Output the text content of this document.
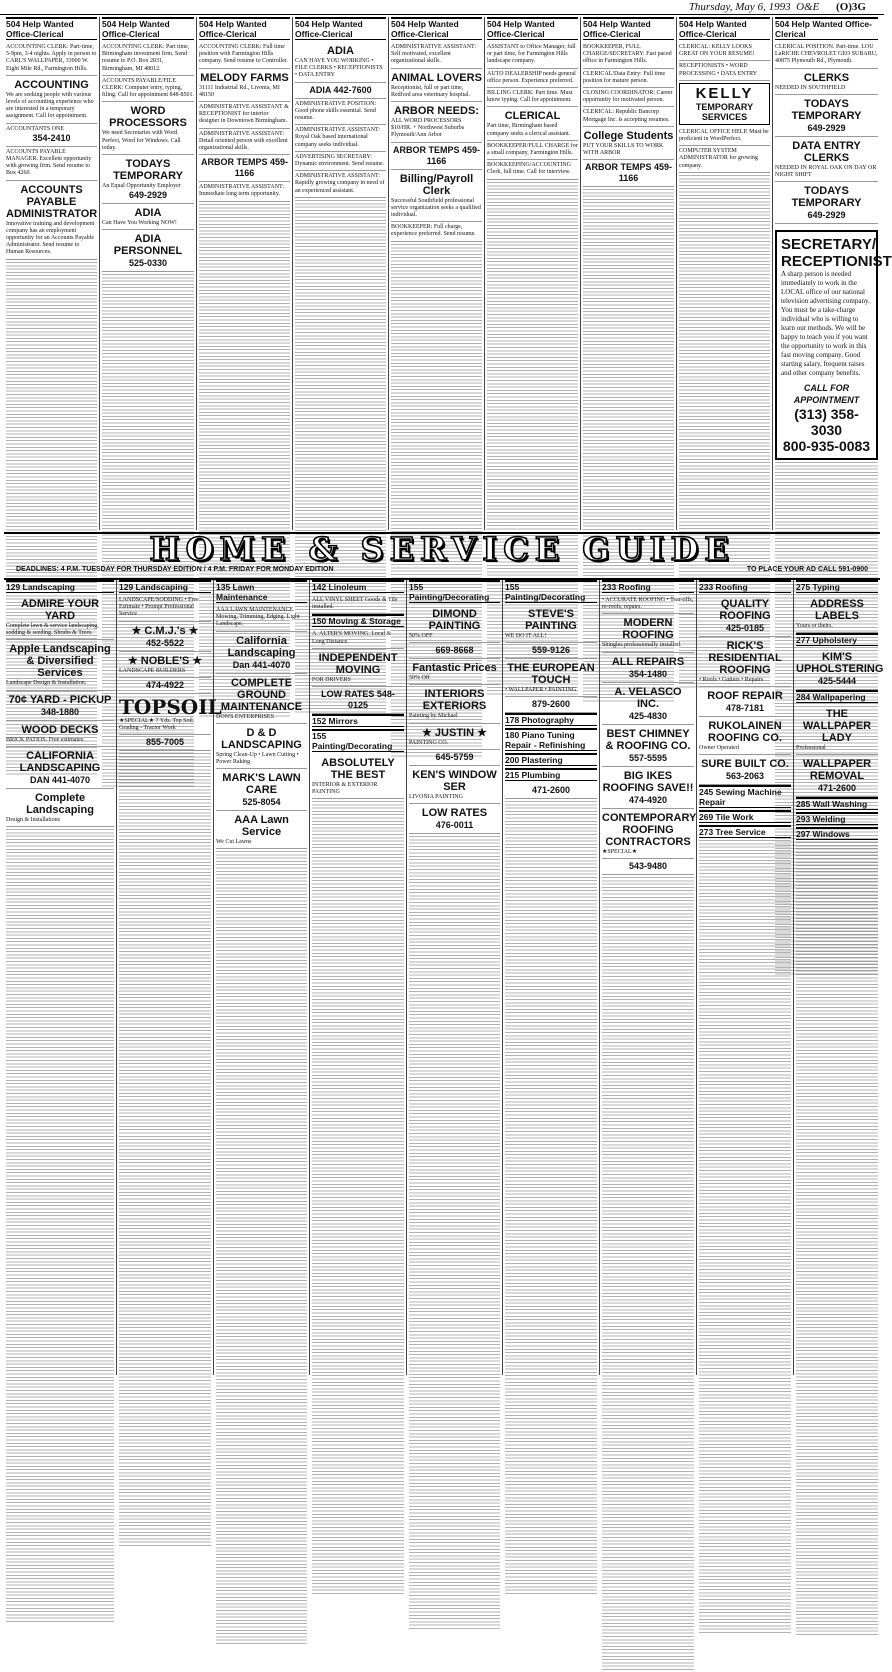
Thursday, May 6, 1993 O&E (O)3G
504 Help Wanted Office-Clerical
ACCOUNTING CLERK: Part-time, 5-9pm, 3-4 nights. Apply in person to CARL'S WALLPAPER, 33900 W. Eight Mile Rd., Farmington Hills.
ACCOUNTING
We are seeking people with various levels of accounting experience who are interested in a temporary assignment. Call for appointment.
ACCOUNTANTS ONE
354-2410
ACCOUNTS PAYABLE MANAGER. Excellent opportunity with growing firm. Send resume to Box 4260.
ACCOUNTS PAYABLE ADMINISTRATOR
Innovative training and development company has an employment opportunity for an Accounts Payable Administrator. Send resume to Human Resources.
504 Help Wanted Office-Clerical
ACCOUNTING CLERK: Part time, Birmingham investment firm. Send resume to P.O. Box 2031, Birmingham, MI 48012.
ACCOUNTS PAYABLE/FILE CLERK: Computer entry, typing, filing. Call for appointment 848-8501.
WORD PROCESSORS
We need Secretaries with Word Perfect, Word for Windows. Call today.
TODAYS TEMPORARY
An Equal Opportunity Employer
649-2929
ADIA
Can Have You Working NOW!
ADIA PERSONNEL
525-0330
504 Help Wanted Office-Clerical
ACCOUNTING CLERK: Full time position with Farmington Hills company. Send resume to Controller.
MELODY FARMS
31111 Industrial Rd., Livonia, MI 48150
ADMINISTRATIVE ASSISTANT & RECEPTIONIST for interior designer in Downtown Birmingham.
ADMINISTRATIVE ASSISTANT: Detail oriented person with excellent organizational skills.
ARBOR TEMPS 459-1166
ADMINISTRATIVE ASSISTANT: Immediate long term opportunity.
504 Help Wanted Office-Clerical
ADIA
CAN HAVE YOU WORKING • FILE CLERKS • RECEPTIONISTS • DATA ENTRY
ADIA 442-7600
ADMINISTRATIVE POSITION: Good phone skills essential. Send resume.
ADMINISTRATIVE ASSISTANT: Royal Oak based international company seeks individual.
ADVERTISING SECRETARY: Dynamic environment. Send resume.
ADMINISTRATIVE ASSISTANT: Rapidly growing company in need of an experienced assistant.
504 Help Wanted Office-Clerical
ADMINISTRATIVE ASSISTANT: Self motivated, excellent organizational skills.
ANIMAL LOVERS
Receptionist, full or part time, Redford area veterinary hospital.
ARBOR NEEDS:
ALL WORD PROCESSORS $10/HR. + Northwest Suburbs Plymouth/Ann Arbor
ARBOR TEMPS 459-1166
Billing/Payroll Clerk
Successful Southfield professional service organization seeks a qualified individual.
BOOKKEEPER: Full charge, experience preferred. Send resume.
504 Help Wanted Office-Clerical
ASSISTANT to Office Manager, full or part time, for Farmington Hills landscape company.
AUTO DEALERSHIP needs general office person. Experience preferred.
BILLING CLERK: Part time. Must know typing. Call for appointment.
CLERICAL
Part time, Birmingham based company seeks a clerical assistant.
BOOKKEEPER/FULL CHARGE for a small company, Farmington Hills.
BOOKKEEPING/ACCOUNTING Clerk, full time. Call for interview.
504 Help Wanted Office-Clerical
BOOKKEEPER, FULL CHARGE/SECRETARY: Fast paced office in Farmington Hills.
CLERICAL/Data Entry: Full time position for mature person.
CLOSING COORDINATOR: Career opportunity for motivated person.
CLERICAL: Republic Bancorp Mortgage Inc. is accepting resumes.
College Students
PUT YOUR SKILLS TO WORK WITH ARBOR
ARBOR TEMPS 459-1166
504 Help Wanted Office-Clerical
CLERICAL: KELLY LOOKS GREAT ON YOUR RESUME!
RECEPTIONISTS • WORD PROCESSING • DATA ENTRY
KELLY
TEMPORARY SERVICES
CLERICAL OFFICE HELP. Must be proficient in WordPerfect.
COMPUTER SYSTEM ADMINISTRATOR for growing company.
504 Help Wanted Office-Clerical
CLERICAL POSITION. Part-time. LOU LaRICHE CHEVROLET GEO SUBARU, 40875 Plymouth Rd., Plymouth.
CLERKS
NEEDED IN SOUTHFIELD
TODAYS TEMPORARY
649-2929
DATA ENTRY CLERKS
NEEDED IN ROYAL OAK ON DAY OR NIGHT SHIFT
TODAYS TEMPORARY
649-2929
SECRETARY/ RECEPTIONIST
A sharp person is needed immediately to work in the LOCAL office of our national television advertising company. You must be a take-charge individual who is willing to learn our methods. We will be happy to teach you if you want the opportunity to work in this fast moving company. Good starting salary, frequent raises and other company benefits.
CALL FOR APPOINTMENT
(313) 358-3030
800-935-0083
HOME & SERVICE GUIDE
DEADLINES: 4 P.M. TUESDAY FOR THURSDAY EDITION / 4 P.M. FRIDAY FOR MONDAY EDITION	TO PLACE YOUR AD CALL 591-0900
129 Landscaping
ADMIRE YOUR YARD
Complete lawn & service landscaping, sodding & seeding. Shrubs & Trees.
Apple Landscaping & Diversified Services
Landscape Design & Installation.
70¢ YARD - PICKUP
348-1880
WOOD DECKS
BRICK PATIOS. Free estimates.
CALIFORNIA LANDSCAPING
DAN 441-4070
Complete Landscaping
Design & Installations
129 Landscaping
LANDSCAPE/SODDING • Free Estimate • Prompt Professional Service
★ C.M.J.'s ★
452-5522
★ NOBLE'S ★
LANDSCAPE BUILDERS
474-4922
TOPSOIL
★SPECIAL★ 7 Yds. Top Soil. Grading - Tractor Work
855-7005
135 Lawn Maintenance
AAA LAWN MAINTENANCE. Mowing, Trimming, Edging. Light Landscape.
California Landscaping
Dan 441-4070
COMPLETE GROUND MAINTENANCE
DON'S ENTERPRISES
D & D LANDSCAPING
Spring Clean-Up • Lawn Cutting • Power Raking
MARK'S LAWN CARE
525-8054
AAA Lawn Service
We Cut Lawns
142 Linoleum
ALL VINYL SHEET Goods & Tile installed.
150 Moving & Storage
A. ALTER'S MOVING. Local & Long Distance.
INDEPENDENT MOVING
FOR DRIVERS
LOW RATES 548-0125
152 Mirrors
155 Painting/Decorating
ABSOLUTELY THE BEST
INTERIOR & EXTERIOR PAINTING
155 Painting/Decorating
DIMOND PAINTING
50% OFF
669-8668
Fantastic Prices
50% Off
INTERIORS EXTERIORS
Painting by Michael
★ JUSTIN ★
PAINTING CO.
645-5759
KEN'S WINDOW SER
LIVONIA PAINTING
LOW RATES
476-0011
155 Painting/Decorating
STEVE'S PAINTING
WE DO IT ALL!
559-9126
THE EUROPEAN TOUCH
• WALLPAPER • PAINTING
879-2600
178 Photography
180 Piano Tuning Repair - Refinishing
200 Plastering
215 Plumbing
471-2600
233 Roofing
• ACCURATE ROOFING • Tear-offs, re-roofs, repairs.
MODERN ROOFING
Shingles professionally installed.
ALL REPAIRS
354-1480
A. VELASCO INC.
425-4830
BEST CHIMNEY & ROOFING CO.
557-5595
BIG IKES ROOFING SAVE!!
474-4920
CONTEMPORARY ROOFING CONTRACTORS
★SPECIAL★
543-9480
233 Roofing
QUALITY ROOFING
425-0185
RICK'S RESIDENTIAL ROOFING
• Roofs • Gutters • Repairs
ROOF REPAIR
478-7181
RUKOLAINEN ROOFING CO.
Owner Operated
SURE BUILT CO.
563-2063
245 Sewing Machine Repair
269 Tile Work
273 Tree Service
275 Typing
ADDRESS LABELS
Yours or theirs.
277 Upholstery
KIM'S UPHOLSTERING
425-5444
284 Wallpapering
THE WALLPAPER LADY
Professional
WALLPAPER REMOVAL
471-2600
285 Wall Washing
293 Welding
297 Windows
